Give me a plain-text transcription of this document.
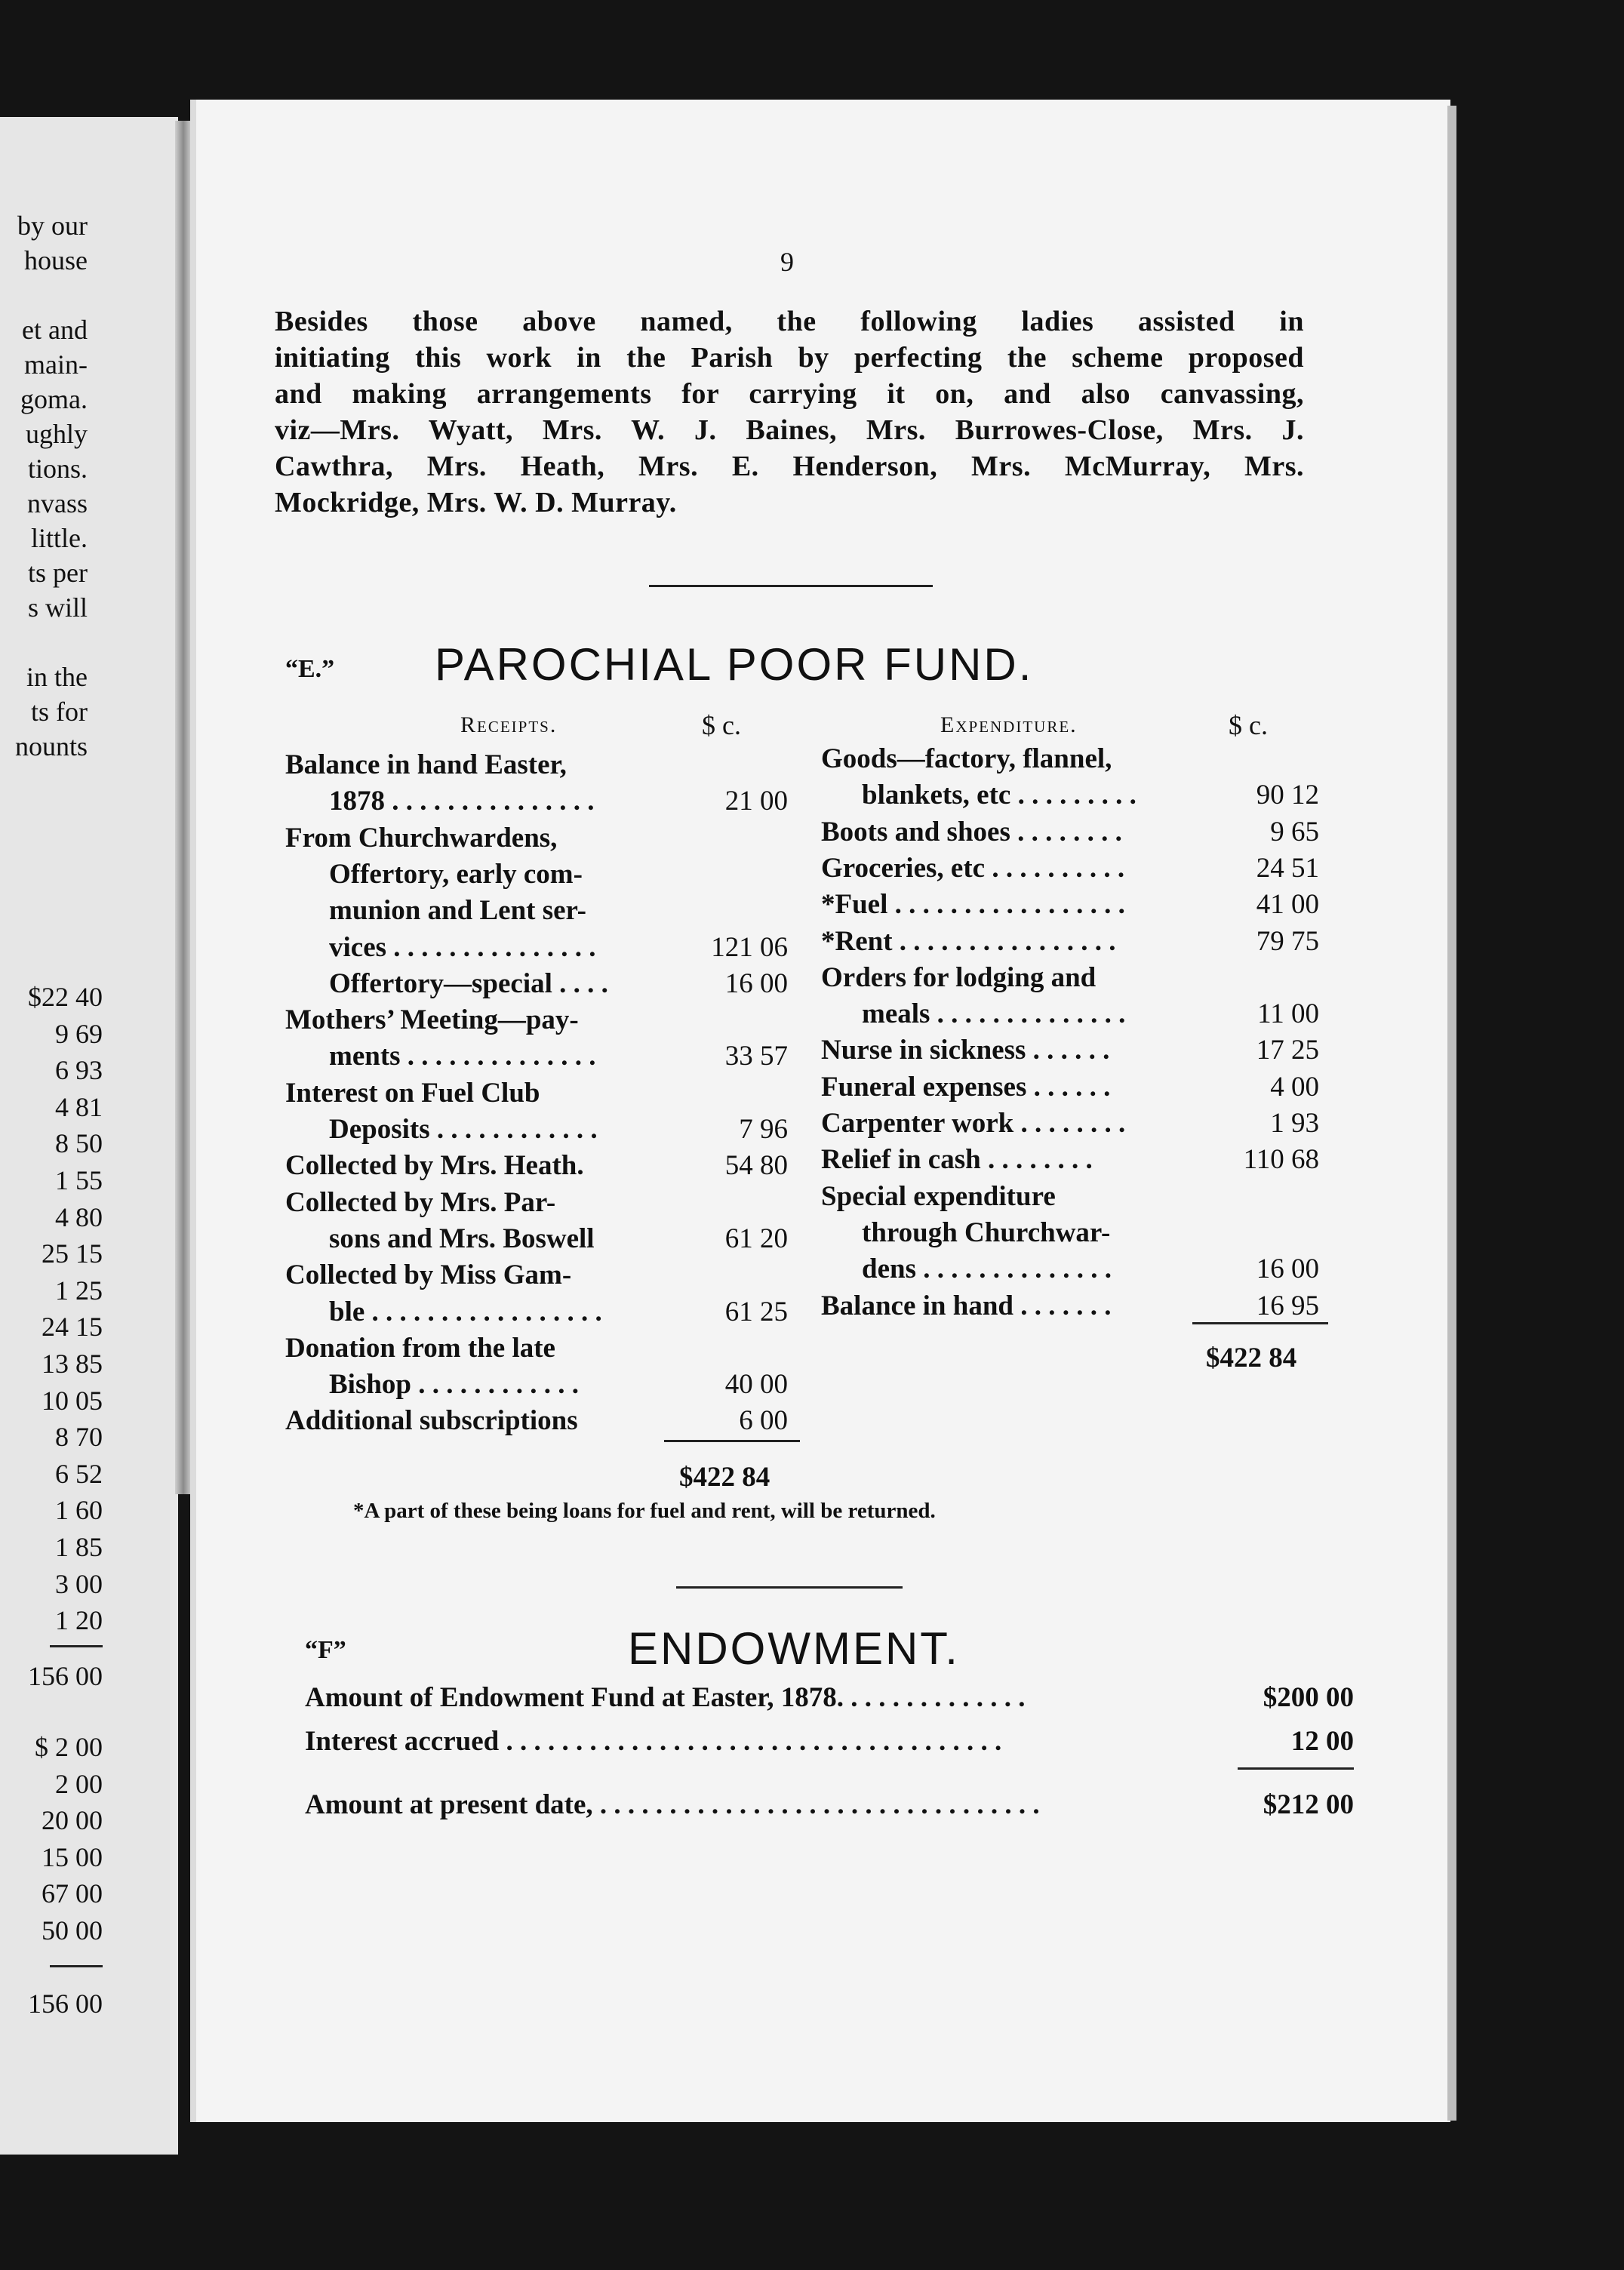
by our
house
et and
main-
goma.
ughly
tions.
nvass
little.
ts per
s will
in the
ts for
nounts
$22 40
9 69
6 93
4 81
8 50
1 55
4 80
25 15
1 25
24 15
13 85
10 05
8 70
6 52
1 60
1 85
3 00
1 20
156 00
$ 2 00
2 00
20 00
15 00
67 00
50 00
156 00
9
Besides those above named, the following ladies assisted in
initiating this work in the Parish by perfecting the scheme proposed
and making arrangements for carrying it on, and also canvassing,
viz—Mrs. Wyatt, Mrs. W. J. Baines, Mrs. Burrowes-Close, Mrs. J.
Cawthra, Mrs. Heath, Mrs. E. Henderson, Mrs. McMurray, Mrs.
Mockridge, Mrs. W. D. Murray.
“E.” PAROCHIAL POOR FUND.
Receipts.	$ c.	Expenditure.	$ c.
Balance in hand Easter,
1878 . . . . . . . . . . . . . . .	21 00
From Churchwardens,
Offertory, early com-
munion and Lent ser-
vices . . . . . . . . . . . . . . .	121 06
Offertory—special . . . .	16 00
Mothers’ Meeting—pay-
ments . . . . . . . . . . . . . .	33 57
Interest on Fuel Club
Deposits . . . . . . . . . . . .	7 96
Collected by Mrs. Heath.	54 80
Collected by Mrs. Par-
sons and Mrs. Boswell	61 20
Collected by Miss Gam-
ble . . . . . . . . . . . . . . . . .	61 25
Donation from the late
Bishop . . . . . . . . . . . .	40 00
Additional subscriptions	6 00
Goods—factory, flannel,
blankets, etc . . . . . . . . .	90 12
Boots and shoes . . . . . . . .	9 65
Groceries, etc . . . . . . . . . .	24 51
*Fuel . . . . . . . . . . . . . . . . .	41 00
*Rent . . . . . . . . . . . . . . . .	79 75
Orders for lodging and
meals . . . . . . . . . . . . . .	11 00
Nurse in sickness . . . . . .	17 25
Funeral expenses . . . . . .	4 00
Carpenter work . . . . . . . .	1 93
Relief in cash . . . . . . . .	110 68
Special expenditure
through Churchwar-
dens . . . . . . . . . . . . . .	16 00
Balance in hand . . . . . . .	16 95
$422 84
$422 84
*A part of these being loans for fuel and rent, will be returned.
“F”	ENDOWMENT.
Amount of Endowment Fund at Easter, 1878. . . . . . . . . . . . . .	$200 00
Interest accrued . . . . . . . . . . . . . . . . . . . . . . . . . . . . . . . . . . . .	12 00
Amount at present date, . . . . . . . . . . . . . . . . . . . . . . . . . . . . . . . .	$212 00
